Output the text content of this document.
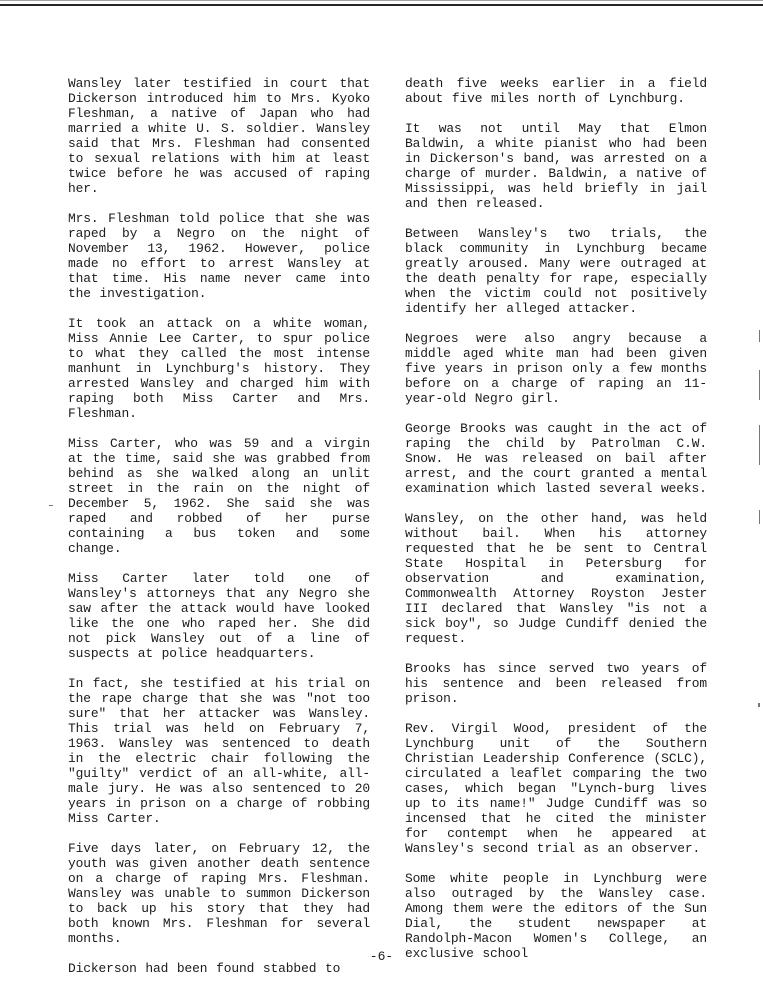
Wansley later testified in court that Dickerson introduced him to Mrs. Kyoko Fleshman, a native of Japan who had married a white U. S. soldier. Wansley said that Mrs. Fleshman had consented to sexual relations with him at least twice before he was accused of raping her.

Mrs. Fleshman told police that she was raped by a Negro on the night of November 13, 1962. However, police made no effort to arrest Wansley at that time. His name never came into the investigation.

It took an attack on a white woman, Miss Annie Lee Carter, to spur police to what they called the most intense manhunt in Lynchburg's history. They arrested Wansley and charged him with raping both Miss Carter and Mrs. Fleshman.

Miss Carter, who was 59 and a virgin at the time, said she was grabbed from behind as she walked along an unlit street in the rain on the night of December 5, 1962. She said she was raped and robbed of her purse containing a bus token and some change.

Miss Carter later told one of Wansley's attorneys that any Negro she saw after the attack would have looked like the one who raped her. She did not pick Wansley out of a line of suspects at police headquarters.

In fact, she testified at his trial on the rape charge that she was "not too sure" that her attacker was Wansley. This trial was held on February 7, 1963. Wansley was sentenced to death in the electric chair following the "guilty" verdict of an all-white, all-male jury. He was also sentenced to 20 years in prison on a charge of robbing Miss Carter.

Five days later, on February 12, the youth was given another death sentence on a charge of raping Mrs. Fleshman. Wansley was unable to summon Dickerson to back up his story that they had both known Mrs. Fleshman for several months.

Dickerson had been found stabbed to

death five weeks earlier in a field about five miles north of Lynchburg.

It was not until May that Elmon Baldwin, a white pianist who had been in Dickerson's band, was arrested on a charge of murder. Baldwin, a native of Mississippi, was held briefly in jail and then released.

Between Wansley's two trials, the black community in Lynchburg became greatly aroused. Many were outraged at the death penalty for rape, especially when the victim could not positively identify her alleged attacker.

Negroes were also angry because a middle aged white man had been given five years in prison only a few months before on a charge of raping an 11-year-old Negro girl.

George Brooks was caught in the act of raping the child by Patrolman C.W. Snow. He was released on bail after arrest, and the court granted a mental examination which lasted several weeks.

Wansley, on the other hand, was held without bail. When his attorney requested that he be sent to Central State Hospital in Petersburg for observation and examination, Commonwealth Attorney Royston Jester III declared that Wansley "is not a sick boy", so Judge Cundiff denied the request.

Brooks has since served two years of his sentence and been released from prison.

Rev. Virgil Wood, president of the Lynchburg unit of the Southern Christian Leadership Conference (SCLC), circulated a leaflet comparing the two cases, which began "Lynch-burg lives up to its name!" Judge Cundiff was so incensed that he cited the minister for contempt when he appeared at Wansley's second trial as an observer.

Some white people in Lynchburg were also outraged by the Wansley case. Among them were the editors of the Sun Dial, the student newspaper at Randolph-Macon Women's College, an exclusive school

-6-
